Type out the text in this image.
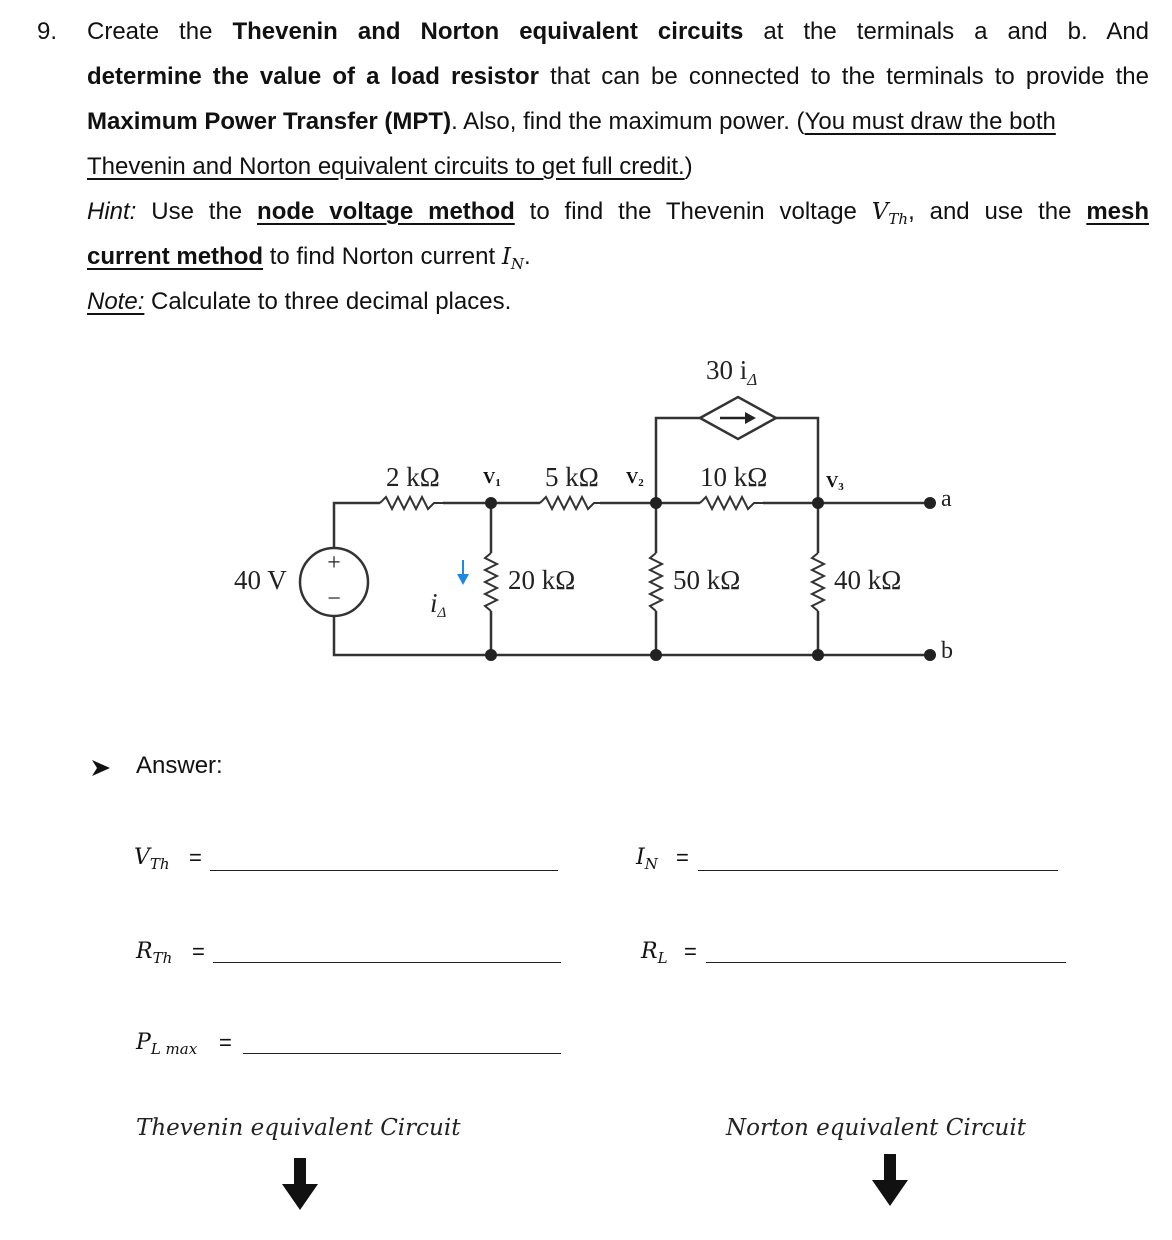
9. Create the Thevenin and Norton equivalent circuits at the terminals a and b. And
determine the value of a load resistor that can be connected to the terminals to provide the
Maximum Power Transfer (MPT). Also, find the maximum power. (You must draw the both
Thevenin and Norton equivalent circuits to get full credit.)
Hint: Use the node voltage method to find the Thevenin voltage $V_{Th}$, and use the mesh
current method to find Norton current $I_N$.
Note: Calculate to three decimal places.
+
−
30 $i_\Delta$
2 kΩ	5 kΩ	10 kΩ
V1	V2	V3
20 kΩ	50 kΩ	40 kΩ
40 V
iΔ
a
b
Answer:
$V_{Th}$ =	$I_N$ =
$R_{Th}$ =	$R_L$ =
$P_{L max}$ =
Thevenin equivalent Circuit	Norton equivalent Circuit
